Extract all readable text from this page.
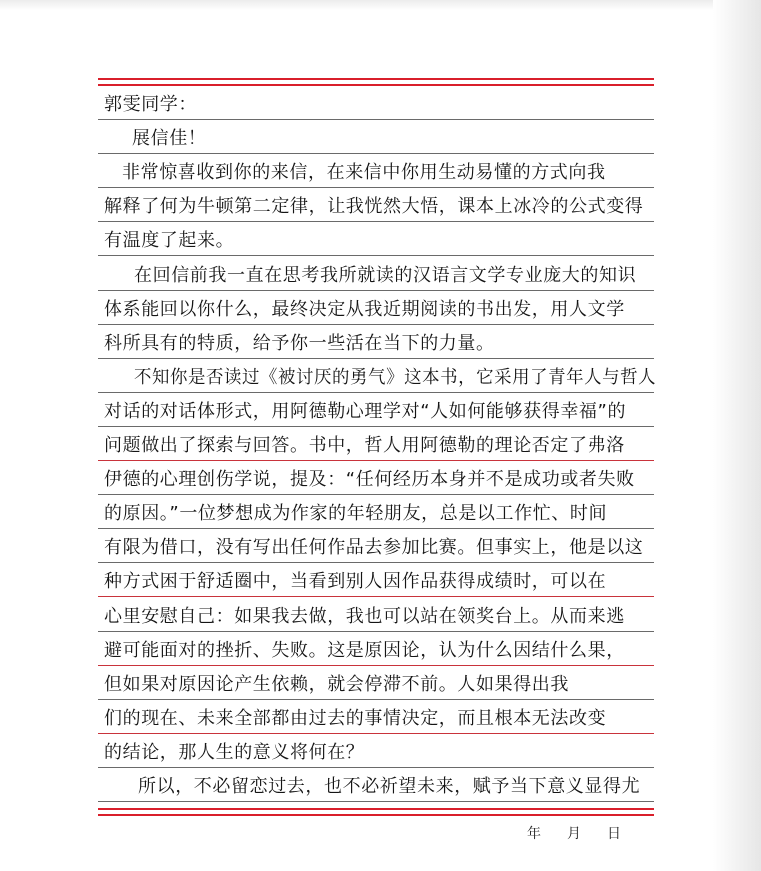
郭雯同学：
展信佳！
非常惊喜收到你的来信，在来信中你用生动易懂的方式向我
解释了何为牛顿第二定律，让我恍然大悟，课本上冰冷的公式变得
有温度了起来。
在回信前我一直在思考我所就读的汉语言文学专业庞大的知识
体系能回以你什么，最终决定从我近期阅读的书出发，用人文学
科所具有的特质，给予你一些活在当下的力量。
不知你是否读过《被讨厌的勇气》这本书，它采用了青年人与哲人
对话的对话体形式，用阿德勒心理学对“人如何能够获得幸福”的
问题做出了探索与回答。书中，哲人用阿德勒的理论否定了弗洛
伊德的心理创伤学说，提及：“任何经历本身并不是成功或者失败
的原因。”一位梦想成为作家的年轻朋友，总是以工作忙、时间
有限为借口，没有写出任何作品去参加比赛。但事实上，他是以这
种方式困于舒适圈中，当看到别人因作品获得成绩时，可以在
心里安慰自己：如果我去做，我也可以站在领奖台上。从而来逃
避可能面对的挫折、失败。这是原因论，认为什么因结什么果，
但如果对原因论产生依赖，就会停滞不前。人如果得出我
们的现在、未来全部都由过去的事情决定，而且根本无法改变
的结论，那人生的意义将何在？
所以，不必留恋过去，也不必祈望未来，赋予当下意义显得尤
年 月 日
